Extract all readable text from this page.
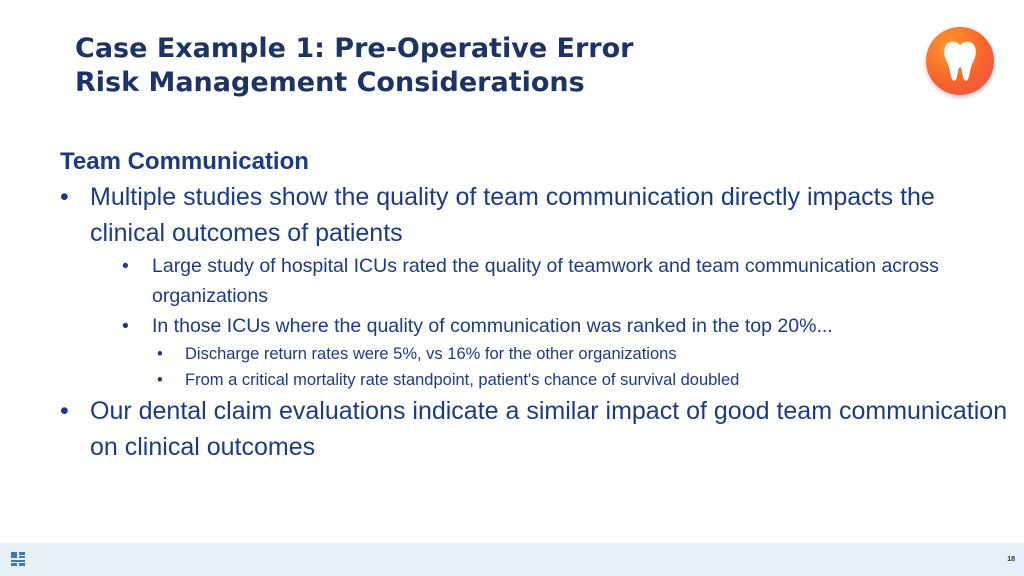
Case Example 1: Pre-Operative Error
Risk Management Considerations
Team Communication
• Multiple studies show the quality of team communication directly impacts the clinical outcomes of patients
• Large study of hospital ICUs rated the quality of teamwork and team communication across organizations
• In those ICUs where the quality of communication was ranked in the top 20%...
• Discharge return rates were 5%, vs 16% for the other organizations
• From a critical mortality rate standpoint, patient's chance of survival doubled
• Our dental claim evaluations indicate a similar impact of good team communication on clinical outcomes
18
